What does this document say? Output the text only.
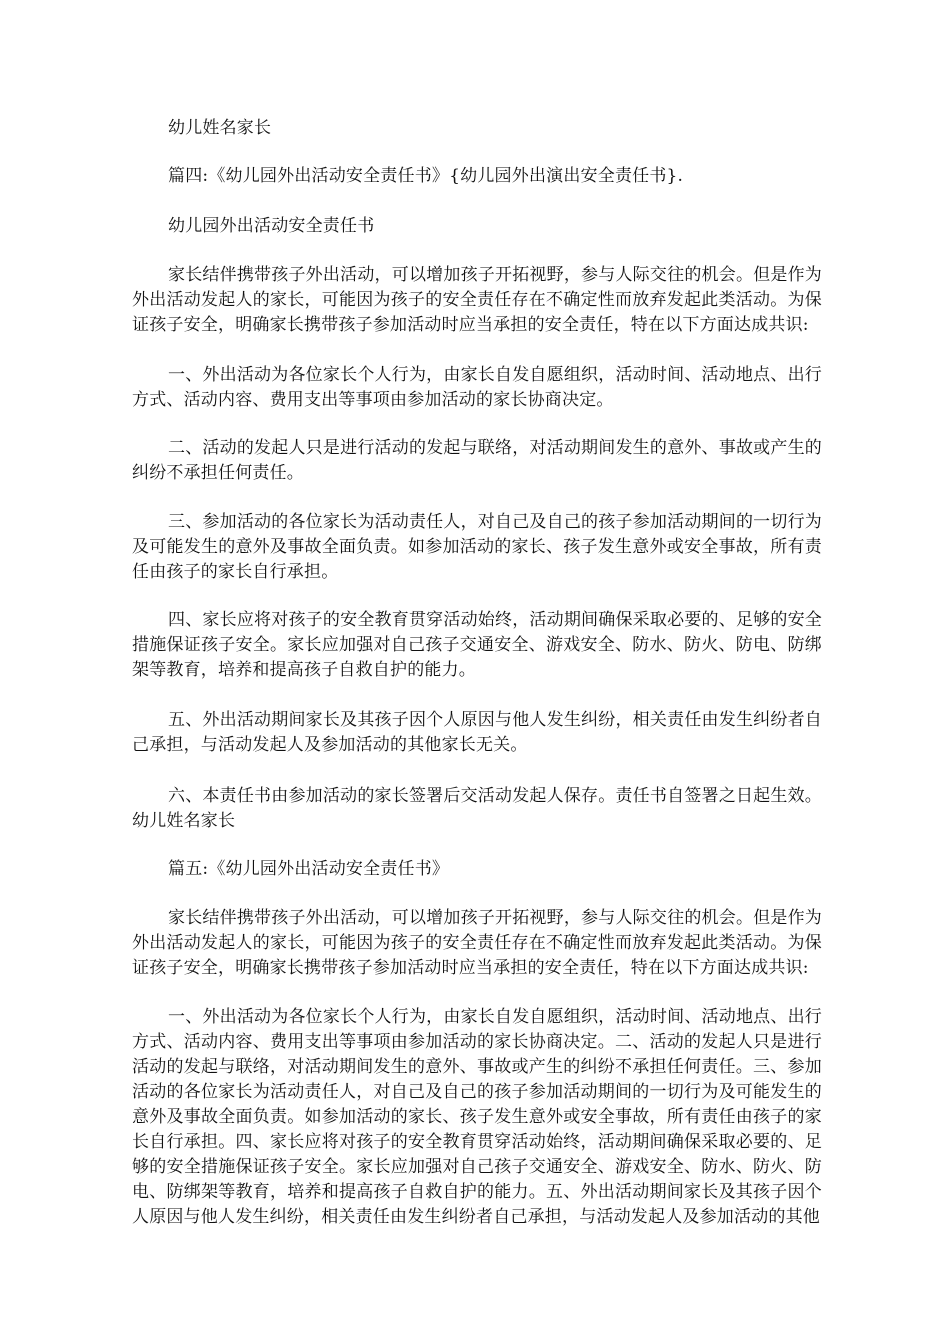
幼儿姓名家长

篇四:《幼儿园外出活动安全责任书》{幼儿园外出演出安全责任书}.

幼儿园外出活动安全责任书

家长结伴携带孩子外出活动，可以增加孩子开拓视野，参与人际交往的机会。但是作为外出活动发起人的家长，可能因为孩子的安全责任存在不确定性而放弃发起此类活动。为保证孩子安全，明确家长携带孩子参加活动时应当承担的安全责任，特在以下方面达成共识:

一、外出活动为各位家长个人行为，由家长自发自愿组织，活动时间、活动地点、出行方式、活动内容、费用支出等事项由参加活动的家长协商决定。

二、活动的发起人只是进行活动的发起与联络，对活动期间发生的意外、事故或产生的纠纷不承担任何责任。

三、参加活动的各位家长为活动责任人，对自己及自己的孩子参加活动期间的一切行为及可能发生的意外及事故全面负责。如参加活动的家长、孩子发生意外或安全事故，所有责任由孩子的家长自行承担。

四、家长应将对孩子的安全教育贯穿活动始终，活动期间确保采取必要的、足够的安全措施保证孩子安全。家长应加强对自己孩子交通安全、游戏安全、防水、防火、防电、防绑架等教育，培养和提高孩子自救自护的能力。

五、外出活动期间家长及其孩子因个人原因与他人发生纠纷，相关责任由发生纠纷者自己承担，与活动发起人及参加活动的其他家长无关。

六、本责任书由参加活动的家长签署后交活动发起人保存。责任书自签署之日起生效。幼儿姓名家长

篇五:《幼儿园外出活动安全责任书》

家长结伴携带孩子外出活动，可以增加孩子开拓视野，参与人际交往的机会。但是作为外出活动发起人的家长，可能因为孩子的安全责任存在不确定性而放弃发起此类活动。为保证孩子安全，明确家长携带孩子参加活动时应当承担的安全责任，特在以下方面达成共识:

一、外出活动为各位家长个人行为，由家长自发自愿组织，活动时间、活动地点、出行方式、活动内容、费用支出等事项由参加活动的家长协商决定。二、活动的发起人只是进行活动的发起与联络，对活动期间发生的意外、事故或产生的纠纷不承担任何责任。三、参加活动的各位家长为活动责任人，对自己及自己的孩子参加活动期间的一切行为及可能发生的意外及事故全面负责。如参加活动的家长、孩子发生意外或安全事故，所有责任由孩子的家长自行承担。四、家长应将对孩子的安全教育贯穿活动始终，活动期间确保采取必要的、足够的安全措施保证孩子安全。家长应加强对自己孩子交通安全、游戏安全、防水、防火、防电、防绑架等教育，培养和提高孩子自救自护的能力。五、外出活动期间家长及其孩子因个人原因与他人发生纠纷，相关责任由发生纠纷者自己承担，与活动发起人及参加活动的其他
